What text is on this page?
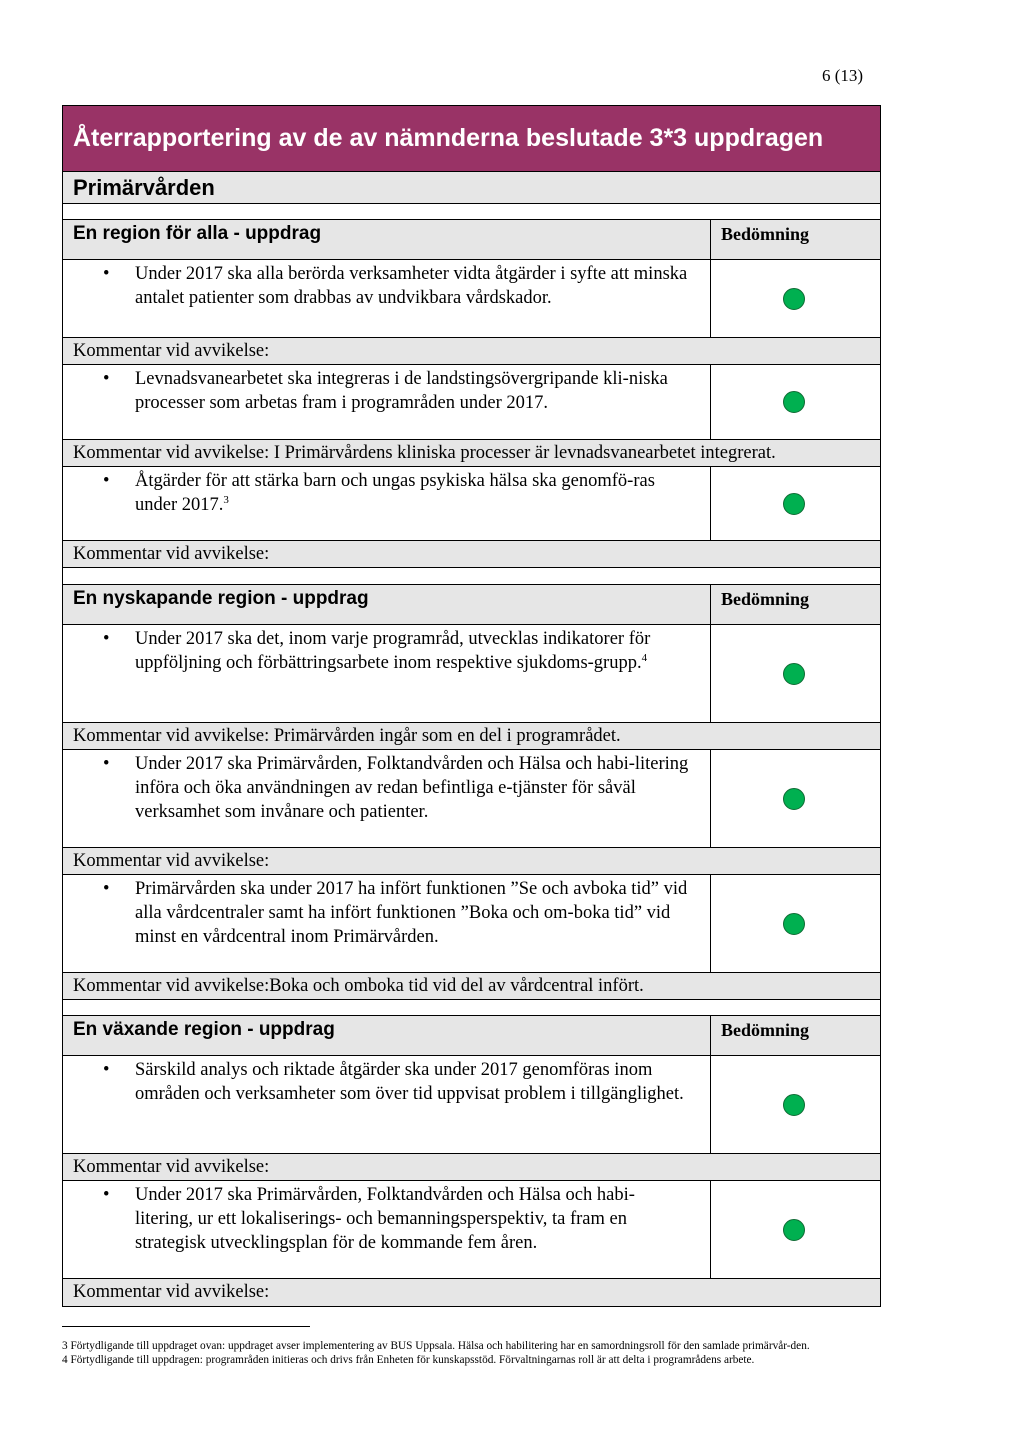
6 (13)
Återrapportering av de av nämnderna beslutade 3*3 uppdragen
Primärvården
En region för alla - uppdrag	Bedömning
• Under 2017 ska alla berörda verksamheter vidta åtgärder i syfte att minska antalet patienter som drabbas av undvikbara vårdskador.
Kommentar vid avvikelse:
• Levnadsvanearbetet ska integreras i de landstingsövergripande kli-niska processer som arbetas fram i programråden under 2017.
Kommentar vid avvikelse: I Primärvårdens kliniska processer är levnadsvanearbetet integrerat.
• Åtgärder för att stärka barn och ungas psykiska hälsa ska genomfö-ras under 2017.$^3$
Kommentar vid avvikelse:
En nyskapande region - uppdrag	Bedömning
• Under 2017 ska det, inom varje programråd, utvecklas indikatorer för uppföljning och förbättringsarbete inom respektive sjukdoms-grupp.$^4$
Kommentar vid avvikelse: Primärvården ingår som en del i programrådet.
• Under 2017 ska Primärvården, Folktandvården och Hälsa och habi-litering införa och öka användningen av redan befintliga e-tjänster för såväl verksamhet som invånare och patienter.
Kommentar vid avvikelse:
• Primärvården ska under 2017 ha infört funktionen ”Se och avboka tid” vid alla vårdcentraler samt ha infört funktionen ”Boka och om-boka tid” vid minst en vårdcentral inom Primärvården.
Kommentar vid avvikelse:Boka och omboka tid vid del av vårdcentral infört.
En växande region - uppdrag	Bedömning
• Särskild analys och riktade åtgärder ska under 2017 genomföras inom områden och verksamheter som över tid uppvisat problem i tillgänglighet.
Kommentar vid avvikelse:
• Under 2017 ska Primärvården, Folktandvården och Hälsa och habi-litering, ur ett lokaliserings- och bemanningsperspektiv, ta fram en strategisk utvecklingsplan för de kommande fem åren.
Kommentar vid avvikelse:
3 Förtydligande till uppdraget ovan: uppdraget avser implementering av BUS Uppsala. Hälsa och habilitering har en samordningsroll för den samlade primärvår-den.
4 Förtydligande till uppdragen: programråden initieras och drivs från Enheten för kunskapsstöd. Förvaltningarnas roll är att delta i programrådens arbete.
